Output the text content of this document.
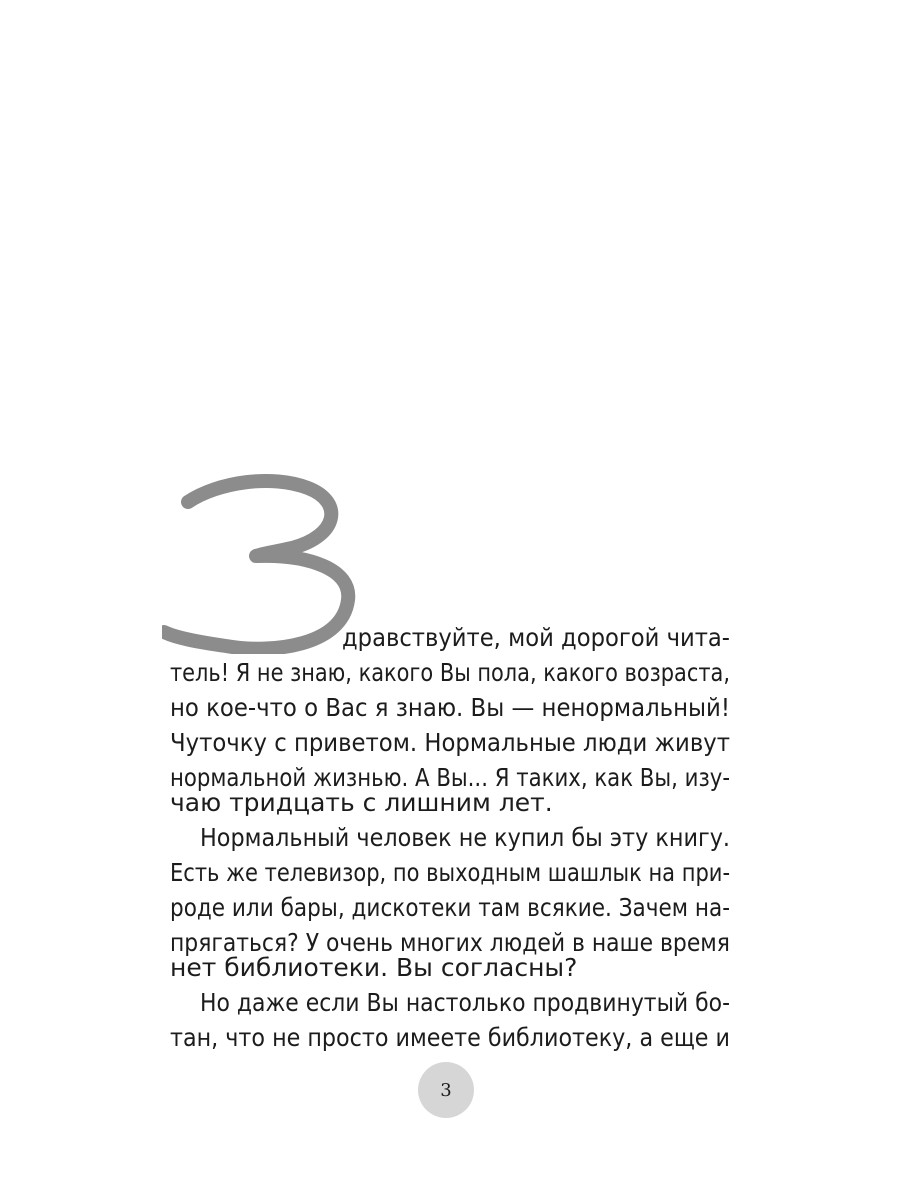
дравствуйте, мой дорогой чита-
тель! Я не знаю, какого Вы пола, какого возраста,
но кое-что о Вас я знаю. Вы — ненормальный!
Чуточку с приветом. Нормальные люди живут
нормальной жизнью. А Вы... Я таких, как Вы, изу-
чаю тридцать с лишним лет.
Нормальный человек не купил бы эту книгу.
Есть же телевизор, по выходным шашлык на при-
роде или бары, дискотеки там всякие. Зачем на-
прягаться? У очень многих людей в наше время
нет библиотеки. Вы согласны?
Но даже если Вы настолько продвинутый бо-
тан, что не просто имеете библиотеку, а еще и
3
